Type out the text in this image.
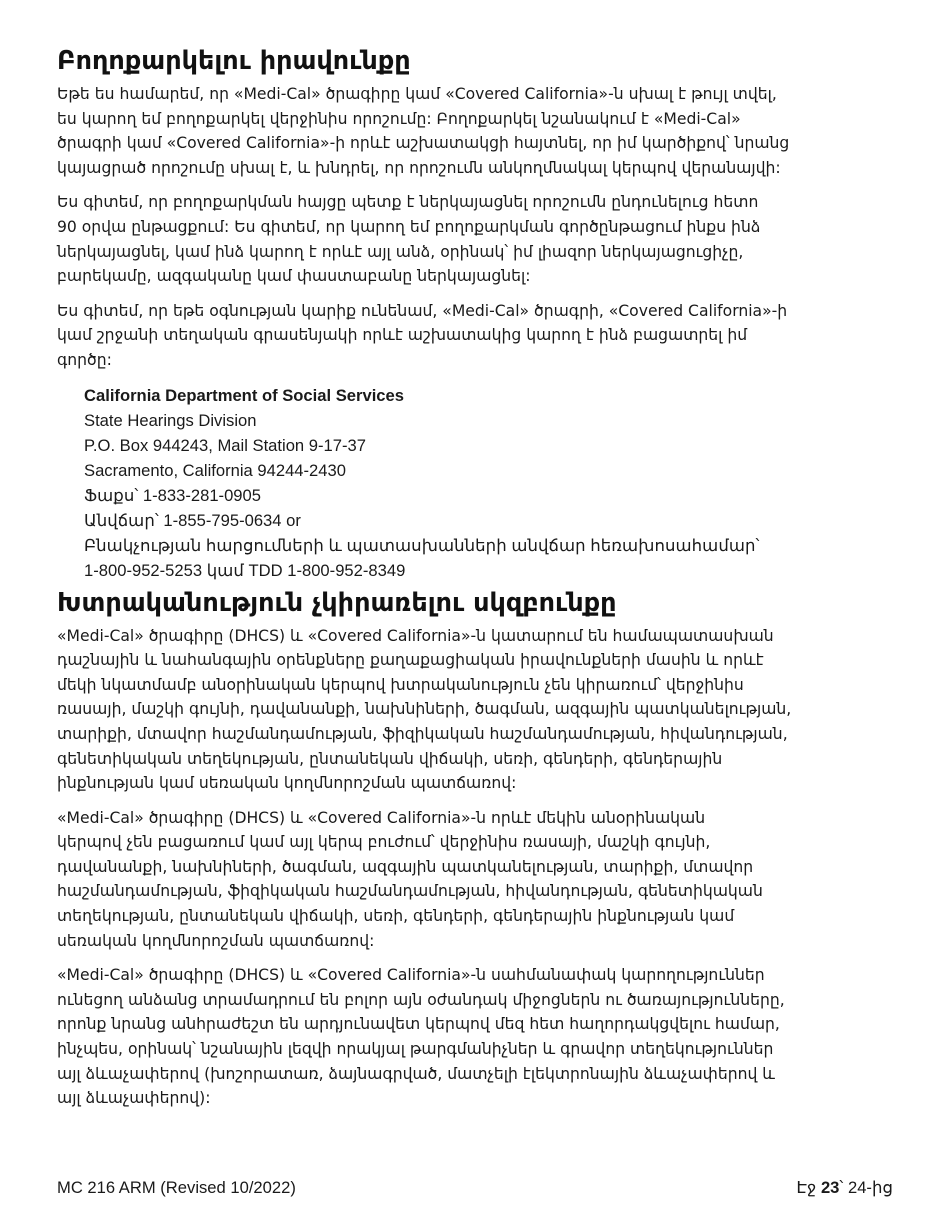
Բողոքարկելու իրավունքը

Եթե ես համարեմ, որ «Medi-Cal» ծրագիրը կամ «Covered California»-ն սխալ է թույլ տվել,
ես կարող եմ բողոքարկել վերջինիս որոշումը: Բողոքարկել նշանակում է «Medi-Cal»
ծրագրի կամ «Covered California»-ի որևէ աշխատակցի հայտնել, որ իմ կարծիքով՝ նրանց
կայացրած որոշումը սխալ է, և խնդրել, որ որոշումն անկողմնակալ կերպով վերանայվի:

Ես գիտեմ, որ բողոքարկման հայցը պետք է ներկայացնել որոշումն ընդունելուց հետո
90 օրվա ընթացքում: Ես գիտեմ, որ կարող եմ բողոքարկման գործընթացում ինքս ինձ
ներկայացնել, կամ ինձ կարող է որևէ այլ անձ, օրինակ՝ իմ լիազոր ներկայացուցիչը,
բարեկամը, ազգականը կամ փաստաբանը ներկայացնել:

Ես գիտեմ, որ եթե օգնության կարիք ունենամ, «Medi-Cal» ծրագրի, «Covered California»-ի
կամ շրջանի տեղական գրասենյակի որևէ աշխատակից կարող է ինձ բացատրել իմ
գործը:

California Department of Social Services
State Hearings Division
P.O. Box 944243, Mail Station 9-17-37
Sacramento, California 94244-2430
Ֆաքս՝ 1-833-281-0905
Անվճար՝ 1-855-795-0634 or
Բնակչության հարցումների և պատասխանների անվճար հեռախոսահամար՝
1-800-952-5253 կամ TDD 1-800-952-8349
Խտրականություն չկիրառելու սկզբունքը

«Medi-Cal» ծրագիրը (DHCS) և «Covered California»-ն կատարում են համապատասխան
դաշնային և նահանգային օրենքները քաղաքացիական իրավունքների մասին և որևէ
մեկի նկատմամբ անօրինական կերպով խտրականություն չեն կիրառում՝ վերջինիս
ռասայի, մաշկի գույնի, դավանանքի, նախնիների, ծագման, ազգային պատկանելության,
տարիքի, մտավոր հաշմանդամության, ֆիզիկական հաշմանդամության, հիվանդության,
գենետիկական տեղեկության, ընտանեկան վիճակի, սեռի, գենդերի, գենդերային
ինքնության կամ սեռական կողմնորոշման պատճառով:

«Medi-Cal» ծրագիրը (DHCS) և «Covered California»-ն որևէ մեկին անօրինական
կերպով չեն բացառում կամ այլ կերպ բուժում՝ վերջինիս ռասայի, մաշկի գույնի,
դավանանքի, նախնիների, ծագման, ազգային պատկանելության, տարիքի, մտավոր
հաշմանդամության, ֆիզիկական հաշմանդամության, հիվանդության, գենետիկական
տեղեկության, ընտանեկան վիճակի, սեռի, գենդերի, գենդերային ինքնության կամ
սեռական կողմնորոշման պատճառով:

«Medi-Cal» ծրագիրը (DHCS) և «Covered California»-ն սահմանափակ կարողություններ
ունեցող անձանց տրամադրում են բոլոր այն օժանդակ միջոցներն ու ծառայությունները,
որոնք նրանց անհրաժեշտ են արդյունավետ կերպով մեզ հետ հաղորդակցվելու համար,
ինչպես, օրինակ՝ նշանային լեզվի որակյալ թարգմանիչներ և գրավոր տեղեկություններ
այլ ձևաչափերով (խոշորատառ, ձայնագրված, մատչելի էլեկտրոնային ձևաչափերով և
այլ ձևաչափերով):

MC 216 ARM (Revised 10/2022)	Էջ 23՝ 24-ից
